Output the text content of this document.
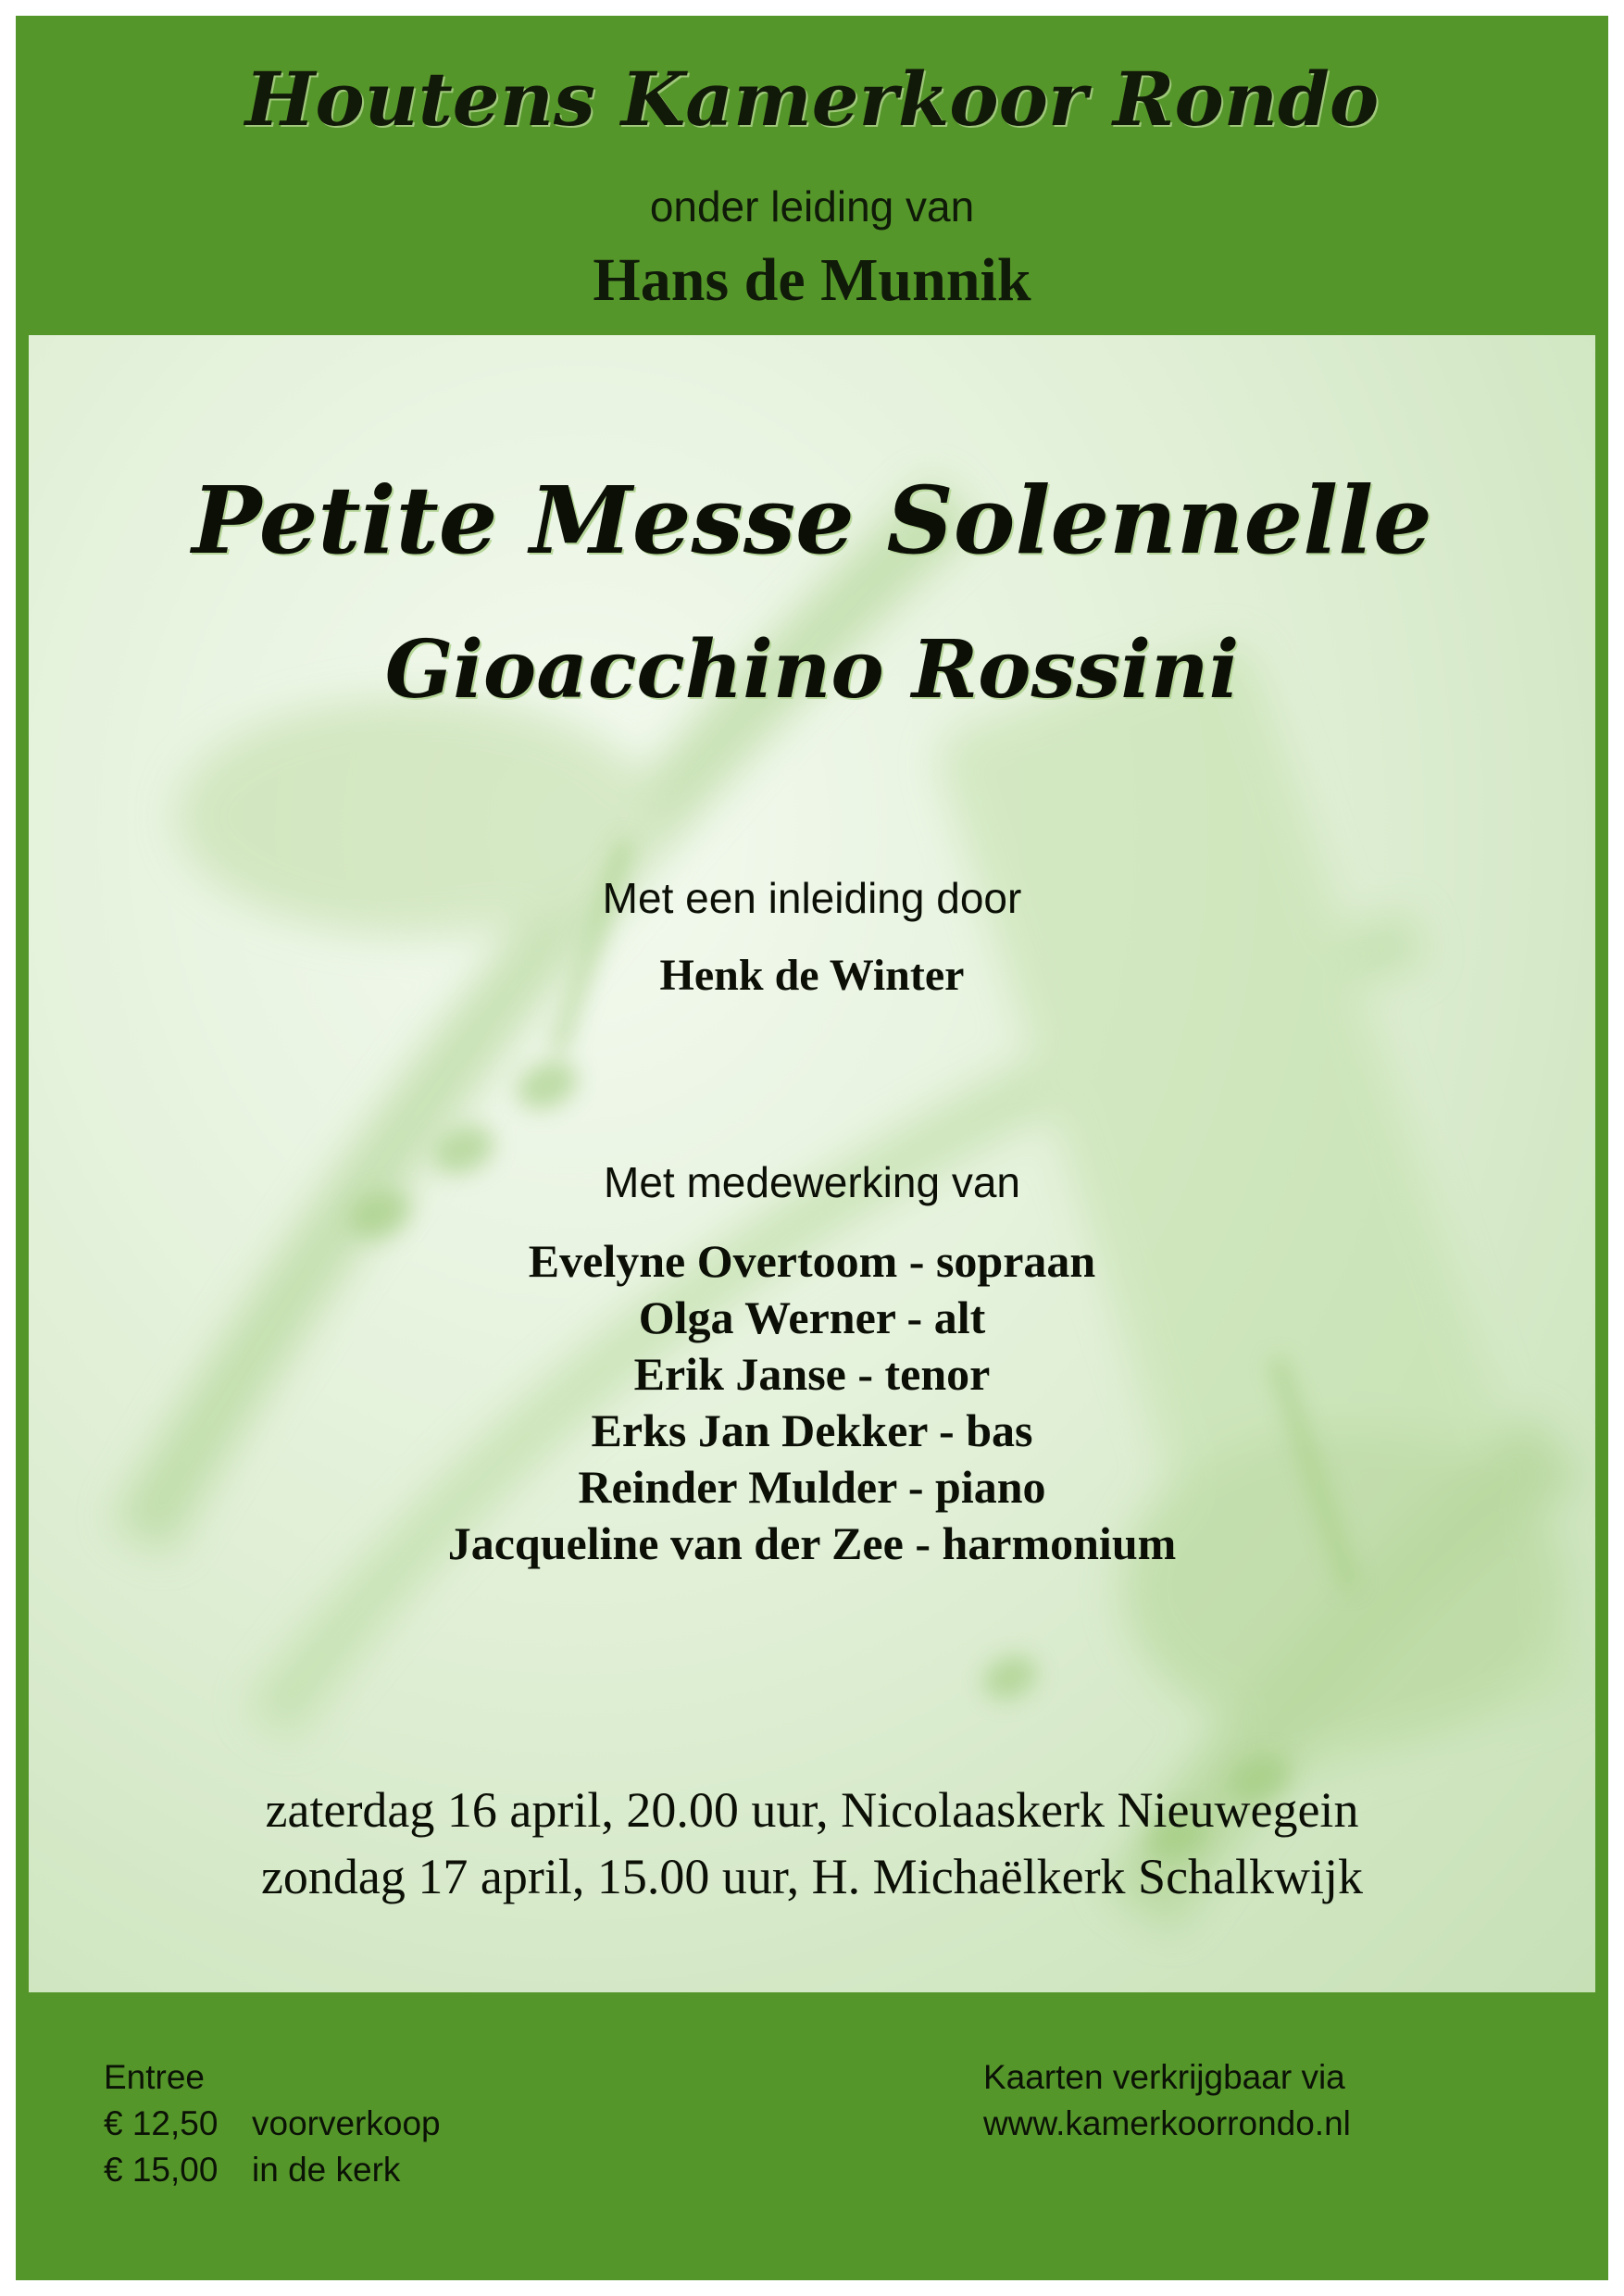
Houtens Kamerkoor Rondo
onder leiding van
Hans de Munnik
Petite Messe Solennelle
Gioacchino Rossini
Met een inleiding door
Henk de Winter
Met medewerking van
Evelyne Overtoom - sopraan
Olga Werner - alt
Erik Janse - tenor
Erks Jan Dekker - bas
Reinder Mulder - piano
Jacqueline van der Zee - harmonium
zaterdag 16 april, 20.00 uur, Nicolaaskerk Nieuwegein
zondag 17 april, 15.00 uur, H. Michaëlkerk Schalkwijk
Entree
€ 12,50 voorverkoop
€ 15,00 in de kerk
Kaarten verkrijgbaar via
www.kamerkoorrondo.nl
